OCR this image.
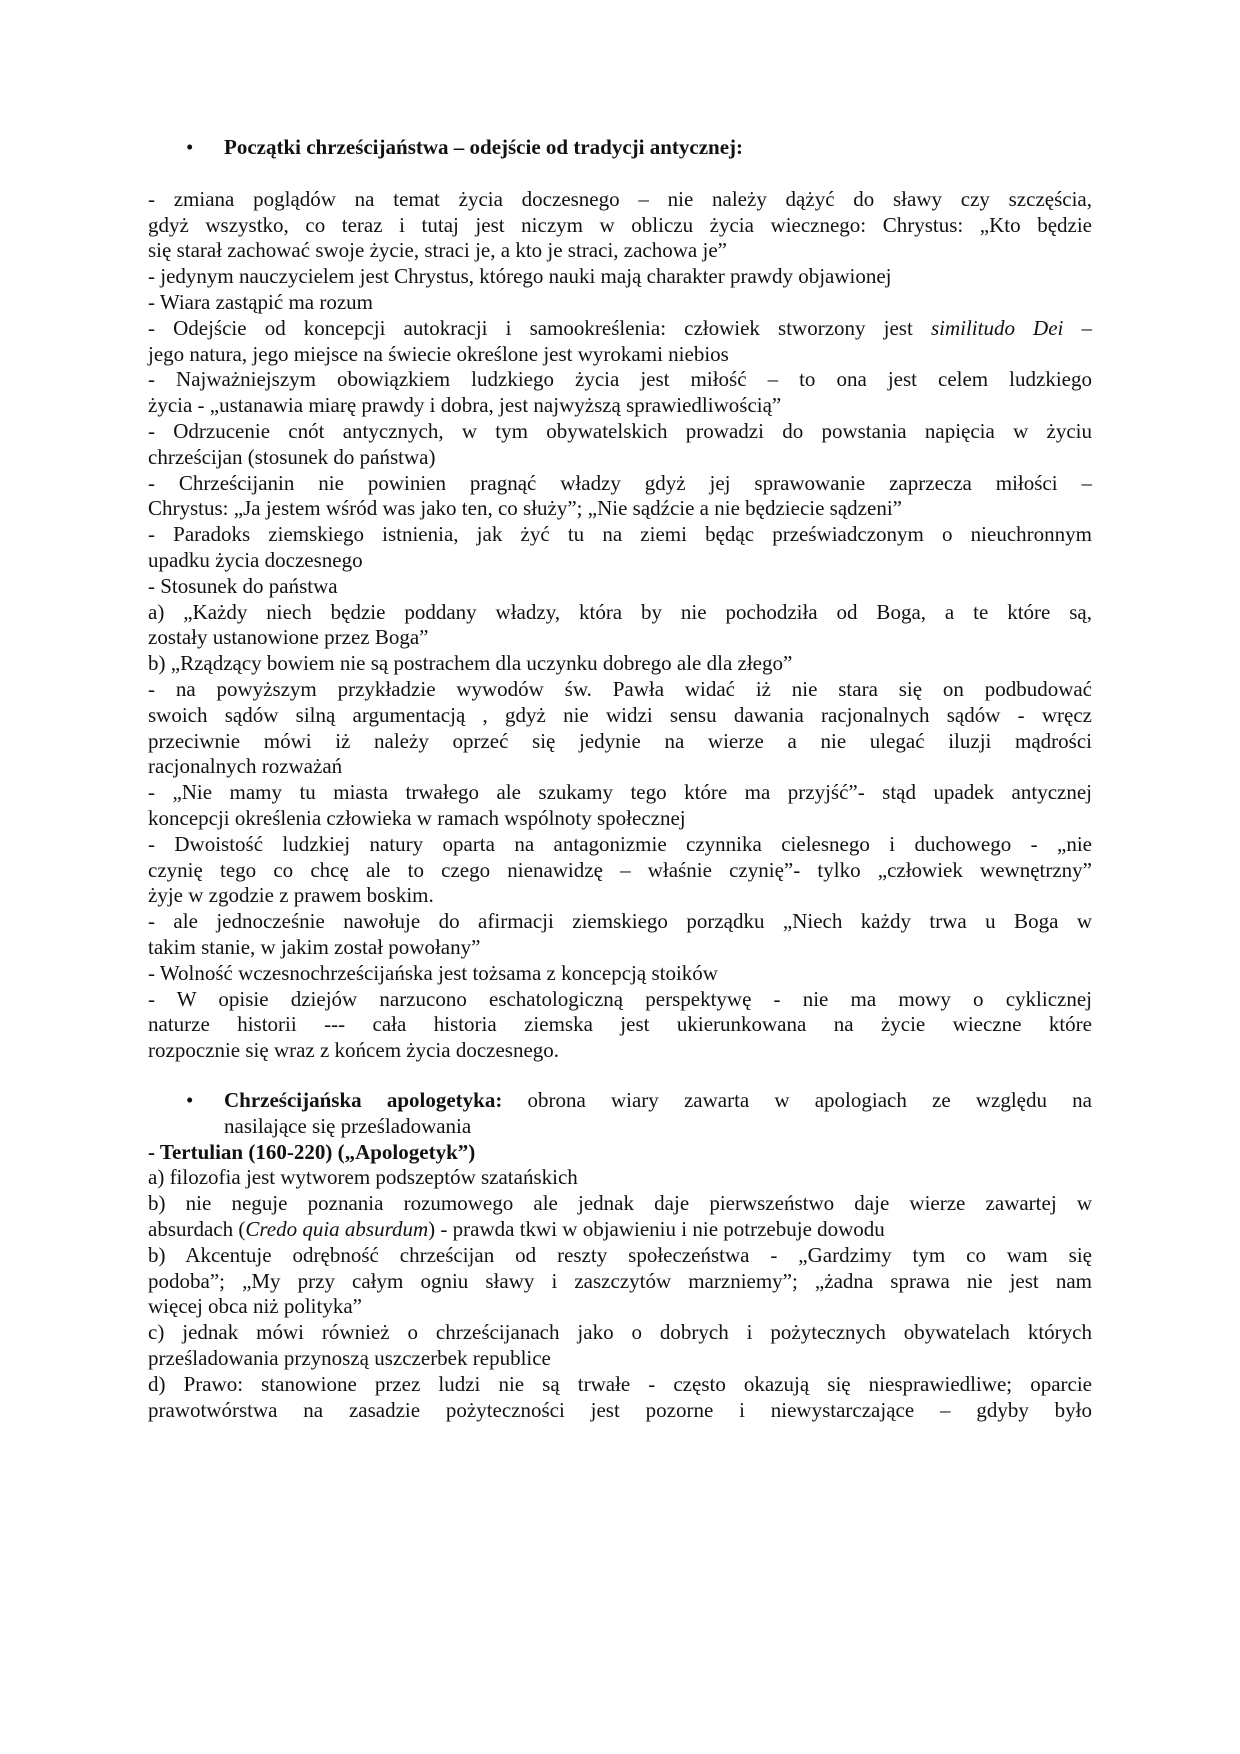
• Początki chrześcijaństwa – odejście od tradycji antycznej:
- zmiana poglądów na temat życia doczesnego – nie należy dążyć do sławy czy szczęścia,
gdyż wszystko, co teraz i tutaj jest niczym w obliczu życia wiecznego: Chrystus: „Kto będzie
się starał zachować swoje życie, straci je, a kto je straci, zachowa je”
- jedynym nauczycielem jest Chrystus, którego nauki mają charakter prawdy objawionej
- Wiara zastąpić ma rozum
- Odejście od koncepcji autokracji i samookreślenia: człowiek stworzony jest similitudo Dei –
jego natura, jego miejsce na świecie określone jest wyrokami niebios
- Najważniejszym obowiązkiem ludzkiego życia jest miłość – to ona jest celem ludzkiego
życia - „ustanawia miarę prawdy i dobra, jest najwyższą sprawiedliwością”
- Odrzucenie cnót antycznych, w tym obywatelskich prowadzi do powstania napięcia w życiu
chrześcijan (stosunek do państwa)
- Chrześcijanin nie powinien pragnąć władzy gdyż jej sprawowanie zaprzecza miłości –
Chrystus: „Ja jestem wśród was jako ten, co służy”; „Nie sądźcie a nie będziecie sądzeni”
- Paradoks ziemskiego istnienia, jak żyć tu na ziemi będąc przeświadczonym o nieuchronnym
upadku życia doczesnego
- Stosunek do państwa
a) „Każdy niech będzie poddany władzy, która by nie pochodziła od Boga, a te które są,
zostały ustanowione przez Boga”
b) „Rządzący bowiem nie są postrachem dla uczynku dobrego ale dla złego”
- na powyższym przykładzie wywodów św. Pawła widać iż nie stara się on podbudować
swoich sądów silną argumentacją , gdyż nie widzi sensu dawania racjonalnych sądów - wręcz
przeciwnie mówi iż należy oprzeć się jedynie na wierze a nie ulegać iluzji mądrości
racjonalnych rozważań
- „Nie mamy tu miasta trwałego ale szukamy tego które ma przyjść”- stąd upadek antycznej
koncepcji określenia człowieka w ramach wspólnoty społecznej
- Dwoistość ludzkiej natury oparta na antagonizmie czynnika cielesnego i duchowego - „nie
czynię tego co chcę ale to czego nienawidzę – właśnie czynię”- tylko „człowiek wewnętrzny”
żyje w zgodzie z prawem boskim.
- ale jednocześnie nawołuje do afirmacji ziemskiego porządku „Niech każdy trwa u Boga w
takim stanie, w jakim został powołany”
- Wolność wczesnochrześcijańska jest tożsama z koncepcją stoików
- W opisie dziejów narzucono eschatologiczną perspektywę - nie ma mowy o cyklicznej
naturze historii --- cała historia ziemska jest ukierunkowana na życie wieczne które
rozpocznie się wraz z końcem życia doczesnego.
• Chrześcijańska apologetyka: obrona wiary zawarta w apologiach ze względu na
nasilające się prześladowania
- Tertulian (160-220) („Apologetyk”)
a) filozofia jest wytworem podszeptów szatańskich
b) nie neguje poznania rozumowego ale jednak daje pierwszeństwo daje wierze zawartej w
absurdach (Credo quia absurdum) - prawda tkwi w objawieniu i nie potrzebuje dowodu
b) Akcentuje odrębność chrześcijan od reszty społeczeństwa - „Gardzimy tym co wam się
podoba”; „My przy całym ogniu sławy i zaszczytów marzniemy”; „żadna sprawa nie jest nam
więcej obca niż polityka”
c) jednak mówi również o chrześcijanach jako o dobrych i pożytecznych obywatelach których
prześladowania przynoszą uszczerbek republice
d) Prawo: stanowione przez ludzi nie są trwałe - często okazują się niesprawiedliwe; oparcie
prawotwórstwa na zasadzie pożyteczności jest pozorne i niewystarczające – gdyby było
